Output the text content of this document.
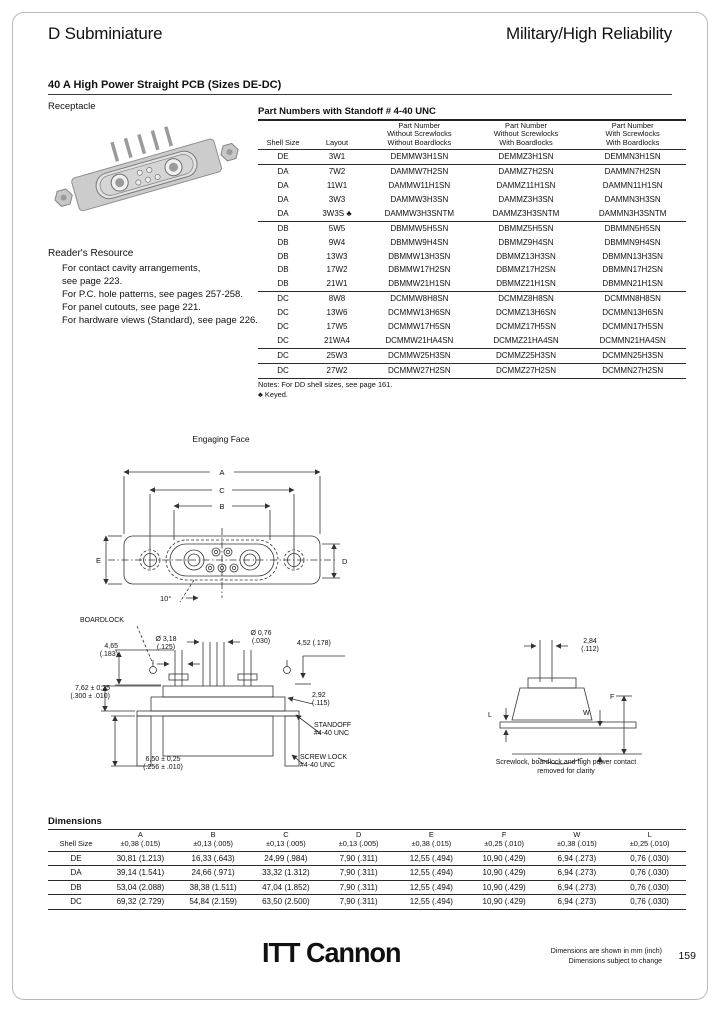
D Subminiature	Military/High Reliability
40 A High Power Straight PCB (Sizes DE-DC)
Receptacle
Reader's Resource
For contact cavity arrangements,
see page 223.
For P.C. hole patterns, see pages 257-258.
For panel cutouts, see page 221.
For hardware views (Standard), see page 226.
Part Numbers with Standoff # 4-40 UNC
Shell Size	Layout

Part Number
Without Screwlocks
Without Boardlocks

Part Number
Without Screwlocks
With Boardlocks

Part Number
With Screwlocks
With Boardlocks

DE	3W1	DEMMW3H1SN	DEMMZ3H1SN	DEMMN3H1SN
DA	7W2	DAMMW7H2SN	DAMMZ7H2SN	DAMMN7H2SN
DA	11W1	DAMMW11H1SN	DAMMZ11H1SN	DAMMN11H1SN
DA	3W3	DAMMW3H3SN	DAMMZ3H3SN	DAMMN3H3SN
DA	3W3S ♣	DAMMW3H3SNTM	DAMMZ3H3SNTM	DAMMN3H3SNTM
DB	5W5	DBMMW5H5SN	DBMMZ5H5SN	DBMMN5H5SN
DB	9W4	DBMMW9H4SN	DBMMZ9H4SN	DBMMN9H4SN
DB	13W3	DBMMW13H3SN	DBMMZ13H3SN	DBMMN13H3SN
DB	17W2	DBMMW17H2SN	DBMMZ17H2SN	DBMMN17H2SN
DB	21W1	DBMMW21H1SN	DBMMZ21H1SN	DBMMN21H1SN
DC	8W8	DCMMW8H8SN	DCMMZ8H8SN	DCMMN8H8SN
DC	13W6	DCMMW13H6SN	DCMMZ13H6SN	DCMMN13H6SN
DC	17W5	DCMMW17H5SN	DCMMZ17H5SN	DCMMN17H5SN
DC	21WA4	DCMMW21HA4SN	DCMMZ21HA4SN	DCMMN21HA4SN
DC	25W3	DCMMW25H3SN	DCMMZ25H3SN	DCMMN25H3SN
DC	27W2	DCMMW27H2SN	DCMMZ27H2SN	DCMMN27H2SN
Notes: For DD shell sizes, see page 161.
♣ Keyed.
Engaging Face
A
C
B
E	D
10°
BOARDLOCK
4,65
(.183)
Ø 3,18
(.125)
Ø 0,76
(.030)	4,52 (.178)
7,62 ± 0,25
(.300 ± .010)	2,92
(.115)
STANDOFF
#4-40 UNC
6,50 ± 0,25
(.256 ± .010)
SCREW LOCK
#4-40 UNC
2,84
(.112)
L	W
F
Screwlock, boardlock and high power contact
removed for clarity
Dimensions
Shell Size

A
±0,38 (.015)

B
±0,13 (.005)

C
±0,13 (.005)

D
±0,13 (.005)

E
±0,38 (.015)

F
±0,25 (.010)

W
±0,38 (.015)

L
±0,25 (.010)

DE	30,81 (1.213)	16,33 (.643)	24,99 (.984)	7,90 (.311)	12,55 (.494)	10,90 (.429)	6,94 (.273)	0,76 (.030)
DA	39,14 (1.541)	24,66 (.971)	33,32 (1.312)	7,90 (.311)	12,55 (.494)	10,90 (.429)	6,94 (.273)	0,76 (.030)
DB	53,04 (2.088)	38,38 (1.511)	47,04 (1.852)	7,90 (.311)	12,55 (.494)	10,90 (.429)	6,94 (.273)	0,76 (.030)
DC	69,32 (2.729)	54,84 (2.159)	63,50 (2.500)	7,90 (.311)	12,55 (.494)	10,90 (.429)	6,94 (.273)	0,76 (.030)
ITT Cannon	Dimensions are shown in mm (inch)
Dimensions subject to change 159
